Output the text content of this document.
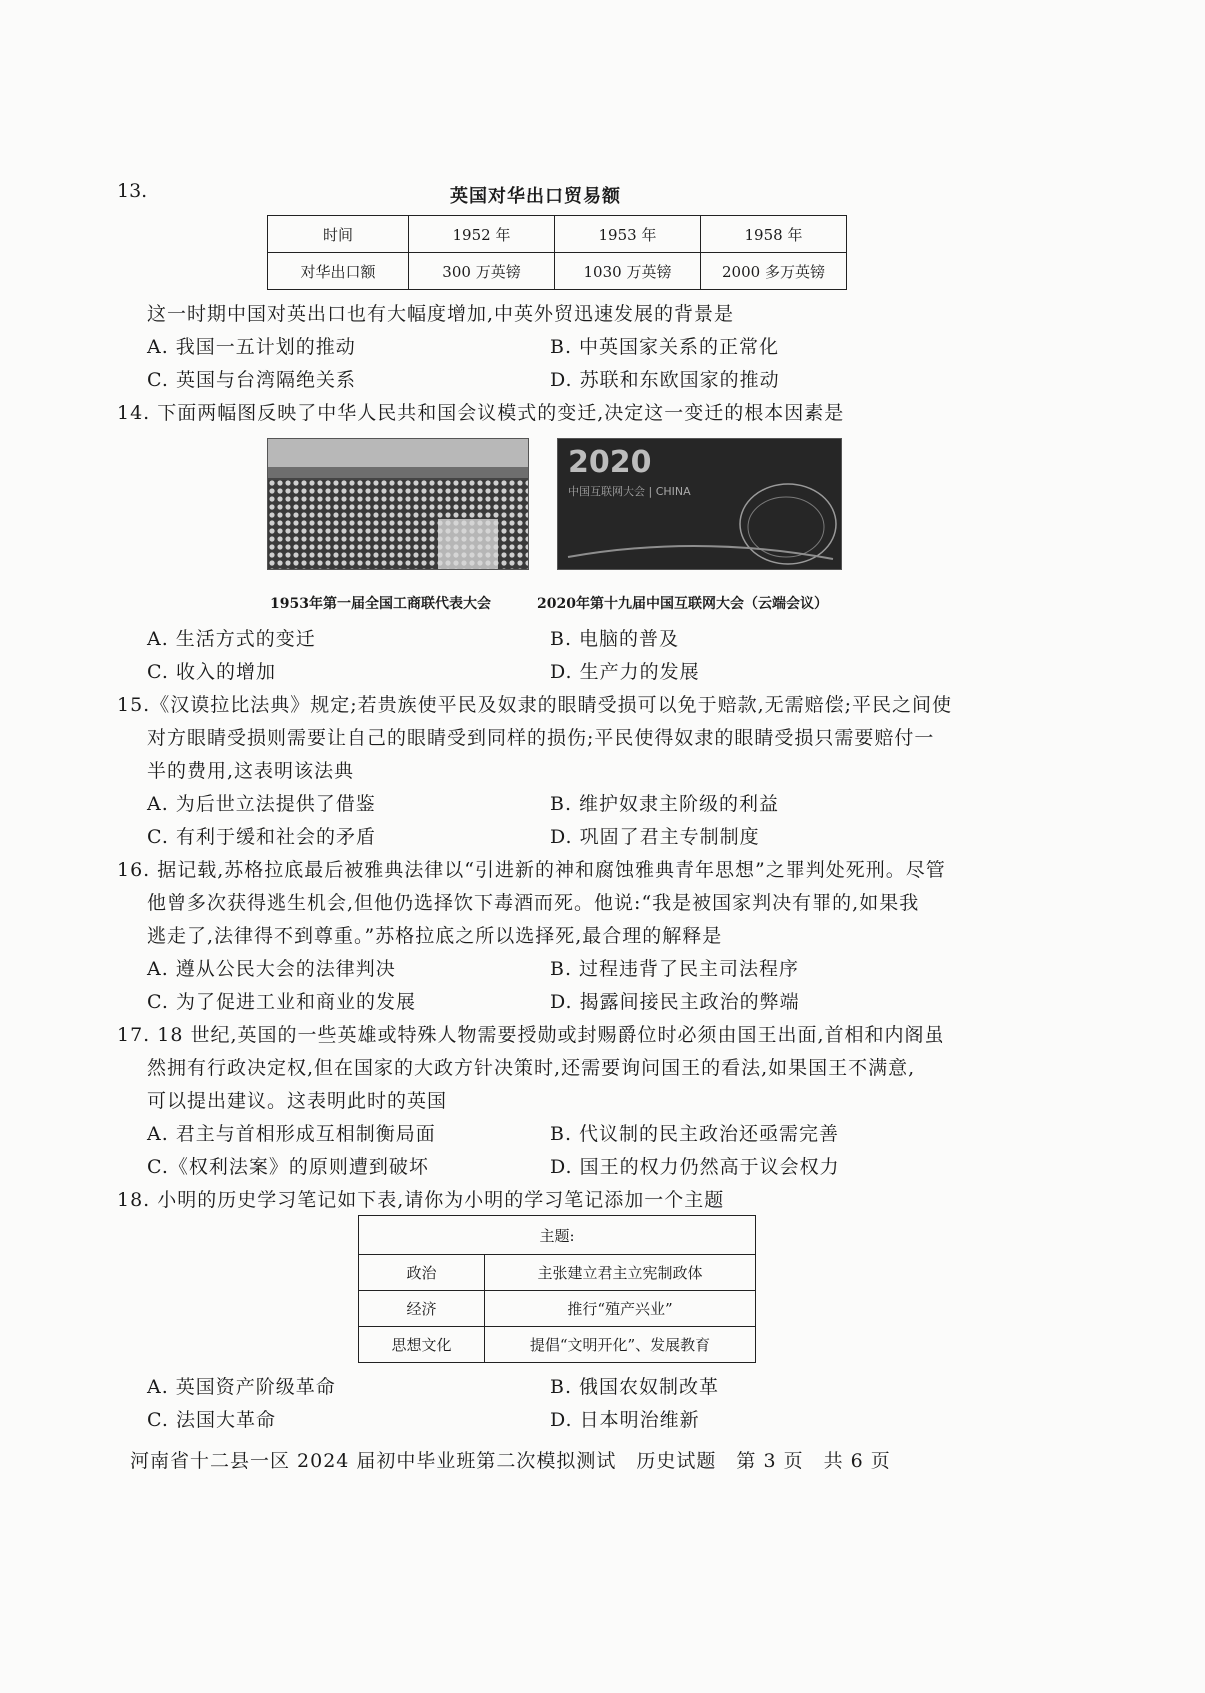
13.	英国对华出口贸易额
时间	1952 年	1953 年	1958 年
对华出口额	300 万英镑	1030 万英镑	2000 多万英镑
这一时期中国对英出口也有大幅度增加,中英外贸迅速发展的背景是
A. 我国一五计划的推动	B. 中英国家关系的正常化
C. 英国与台湾隔绝关系	D. 苏联和东欧国家的推动
14. 下面两幅图反映了中华人民共和国会议模式的变迁,决定这一变迁的根本因素是
2020
中国互联网大会 | CHINA
1953年第一届全国工商联代表大会	2020年第十九届中国互联网大会（云端会议）
A. 生活方式的变迁	B. 电脑的普及
C. 收入的增加	D. 生产力的发展
15.《汉谟拉比法典》规定;若贵族使平民及奴隶的眼睛受损可以免于赔款,无需赔偿;平民之间使
对方眼睛受损则需要让自己的眼睛受到同样的损伤;平民使得奴隶的眼睛受损只需要赔付一
半的费用,这表明该法典
A. 为后世立法提供了借鉴	B. 维护奴隶主阶级的利益
C. 有利于缓和社会的矛盾	D. 巩固了君主专制制度
16. 据记载,苏格拉底最后被雅典法律以“引进新的神和腐蚀雅典青年思想”之罪判处死刑。尽管
他曾多次获得逃生机会,但他仍选择饮下毒酒而死。他说:“我是被国家判决有罪的,如果我
逃走了,法律得不到尊重。”苏格拉底之所以选择死,最合理的解释是
A. 遵从公民大会的法律判决	B. 过程违背了民主司法程序
C. 为了促进工业和商业的发展	D. 揭露间接民主政治的弊端
17. 18 世纪,英国的一些英雄或特殊人物需要授勋或封赐爵位时必须由国王出面,首相和内阁虽
然拥有行政决定权,但在国家的大政方针决策时,还需要询问国王的看法,如果国王不满意,
可以提出建议。这表明此时的英国
A. 君主与首相形成互相制衡局面	B. 代议制的民主政治还亟需完善
C.《权利法案》的原则遭到破坏	D. 国王的权力仍然高于议会权力
18. 小明的历史学习笔记如下表,请你为小明的学习笔记添加一个主题
主题:	
政治	主张建立君主立宪制政体
经济	推行“殖产兴业”
思想文化	提倡“文明开化”、发展教育
A. 英国资产阶级革命	B. 俄国农奴制改革
C. 法国大革命	D. 日本明治维新
河南省十二县一区 2024 届初中毕业班第二次模拟测试　历史试题　第 3 页　共 6 页
